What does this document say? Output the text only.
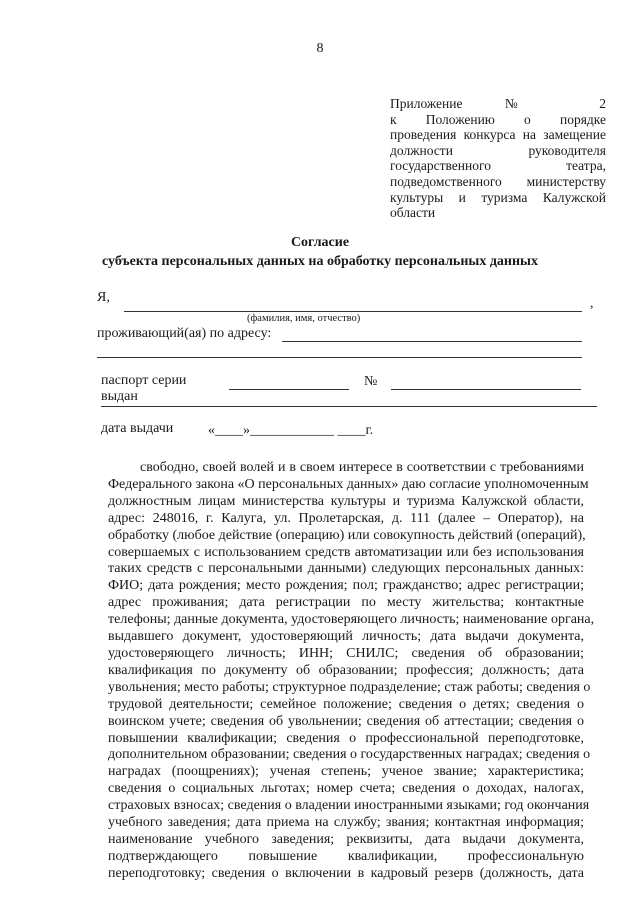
8
Приложение № 2
к Положению о порядке
проведения конкурса на замещение
должности руководителя
государственного театра,
подведомственного министерству
культуры и туризма Калужской
области
Согласие
субъекта персональных данных на обработку персональных данных
Я,	,
(фамилия, имя, отчество)
проживающий(ая) по адресу:
паспорт серии	№
выдан
дата выдачи «____»____________ ____г.
свободно, своей волей и в своем интересе в соответствии с требованиями
Федерального закона «О персональных данных» даю согласие уполномоченным
должностным лицам министерства культуры и туризма Калужской области,
адрес: 248016, г. Калуга, ул. Пролетарская, д. 111 (далее – Оператор), на
обработку (любое действие (операцию) или совокупность действий (операций),
совершаемых с использованием средств автоматизации или без использования
таких средств с персональными данными) следующих персональных данных:
ФИО; дата рождения; место рождения; пол; гражданство; адрес регистрации;
адрес проживания; дата регистрации по месту жительства; контактные
телефоны; данные документа, удостоверяющего личность; наименование органа,
выдавшего документ, удостоверяющий личность; дата выдачи документа,
удостоверяющего личность; ИНН; СНИЛС; сведения об образовании;
квалификация по документу об образовании; профессия; должность; дата
увольнения; место работы; структурное подразделение; стаж работы; сведения о
трудовой деятельности; семейное положение; сведения о детях; сведения о
воинском учете; сведения об увольнении; сведения об аттестации; сведения о
повышении квалификации; сведения о профессиональной переподготовке,
дополнительном образовании; сведения о государственных наградах; сведения о
наградах (поощрениях); ученая степень; ученое звание; характеристика;
сведения о социальных льготах; номер счета; сведения о доходах, налогах,
страховых взносах; сведения о владении иностранными языками; год окончания
учебного заведения; дата приема на службу; звания; контактная информация;
наименование учебного заведения; реквизиты, дата выдачи документа,
подтверждающего повышение квалификации, профессиональную
переподготовку; сведения о включении в кадровый резерв (должность, дата
